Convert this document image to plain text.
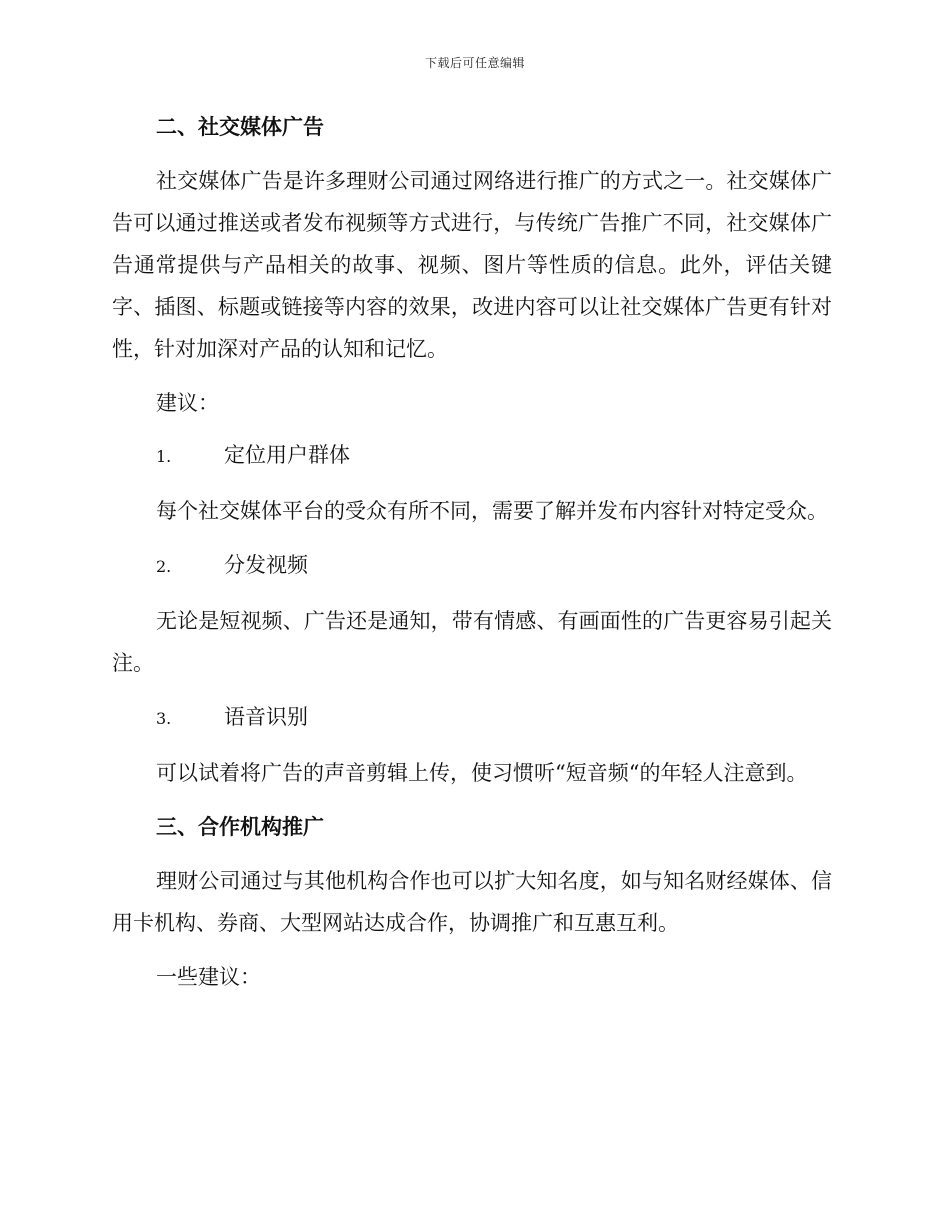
下载后可任意编辑
二、社交媒体广告

社交媒体广告是许多理财公司通过网络进行推广的方式之一。社交媒体广告可以通过推送或者发布视频等方式进行，与传统广告推广不同，社交媒体广告通常提供与产品相关的故事、视频、图片等性质的信息。此外，评估关键字、插图、标题或链接等内容的效果，改进内容可以让社交媒体广告更有针对性，针对加深对产品的认知和记忆。

建议：

1.	定位用户群体

每个社交媒体平台的受众有所不同，需要了解并发布内容针对特定受众。

2.	分发视频

无论是短视频、广告还是通知，带有情感、有画面性的广告更容易引起关注。

3.	语音识别

可以试着将广告的声音剪辑上传，使习惯听“短音频“的年轻人注意到。

三、合作机构推广

理财公司通过与其他机构合作也可以扩大知名度，如与知名财经媒体、信用卡机构、券商、大型网站达成合作，协调推广和互惠互利。

一些建议：
